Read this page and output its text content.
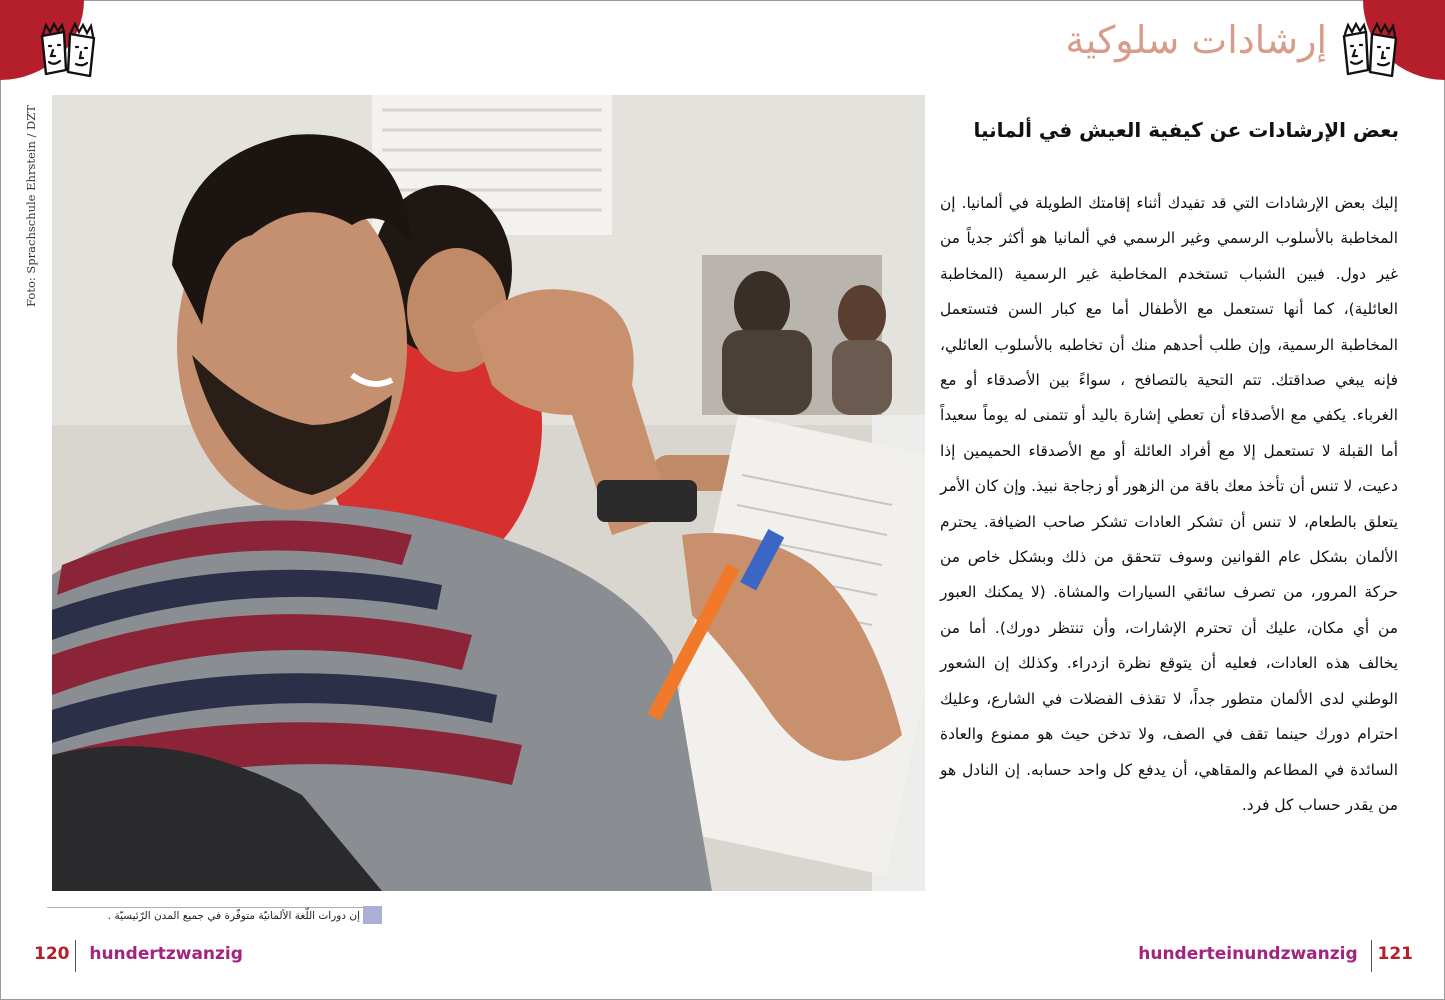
إرشادات سلوكية
Foto: Sprachschule Ehrstein / DZT
إن دورات اللّغة الألمانيّة متوفّرة في جميع المدن الرّئيسيّة .
بعض الإرشادات عن كيفية العيش في ألمانيا

إليك بعض الإرشادات التي قد تفيدك أثناء إقامتك الطويلة في ألمانيا. إن المخاطبة بالأسلوب الرسمي وغير الرسمي في ألمانيا هو أكثر جدياً من غير دول. فبين الشباب تستخدم المخاطبة غير الرسمية (المخاطبة العائلية)، كما أنها تستعمل مع الأطفال أما مع كبار السن فتستعمل المخاطبة الرسمية، وإن طلب أحدهم منك أن تخاطبه بالأسلوب العائلي، فإنه يبغي صداقتك. تتم التحية بالتصافح ، سواءً بين الأصدقاء أو مع الغرباء. يكفي مع الأصدقاء أن تعطي إشارة باليد أو تتمنى له يوماً سعيداً أما القبلة لا تستعمل إلا مع أفراد العائلة أو مع الأصدقاء الحميمين إذا دعيت، لا تنس أن تأخذ معك باقة من الزهور أو زجاجة نبيذ. وإن كان الأمر يتعلق بالطعام، لا تنس أن تشكر العادات تشكر صاحب الضيافة. يحترم الألمان بشكل عام القوانين وسوف تتحقق من ذلك وبشكل خاص من حركة المرور، من تصرف سائقي السيارات والمشاة. (لا يمكنك العبور من أي مكان، عليك أن تحترم الإشارات، وأن تنتظر دورك). أما من يخالف هذه العادات، فعليه أن يتوقع نظرة ازدراء. وكذلك إن الشعور الوطني لدى الألمان متطور جداً، لا تقذف الفضلات في الشارع، وعليك احترام دورك حينما تقف في الصف، ولا تدخن حيث هو ممنوع والعادة السائدة في المطاعم والمقاهي، أن يدفع كل واحد حسابه. إن النادل هو من يقدر حساب كل فرد.

120 hundertzwanzig	hunderteinundzwanzig 121
